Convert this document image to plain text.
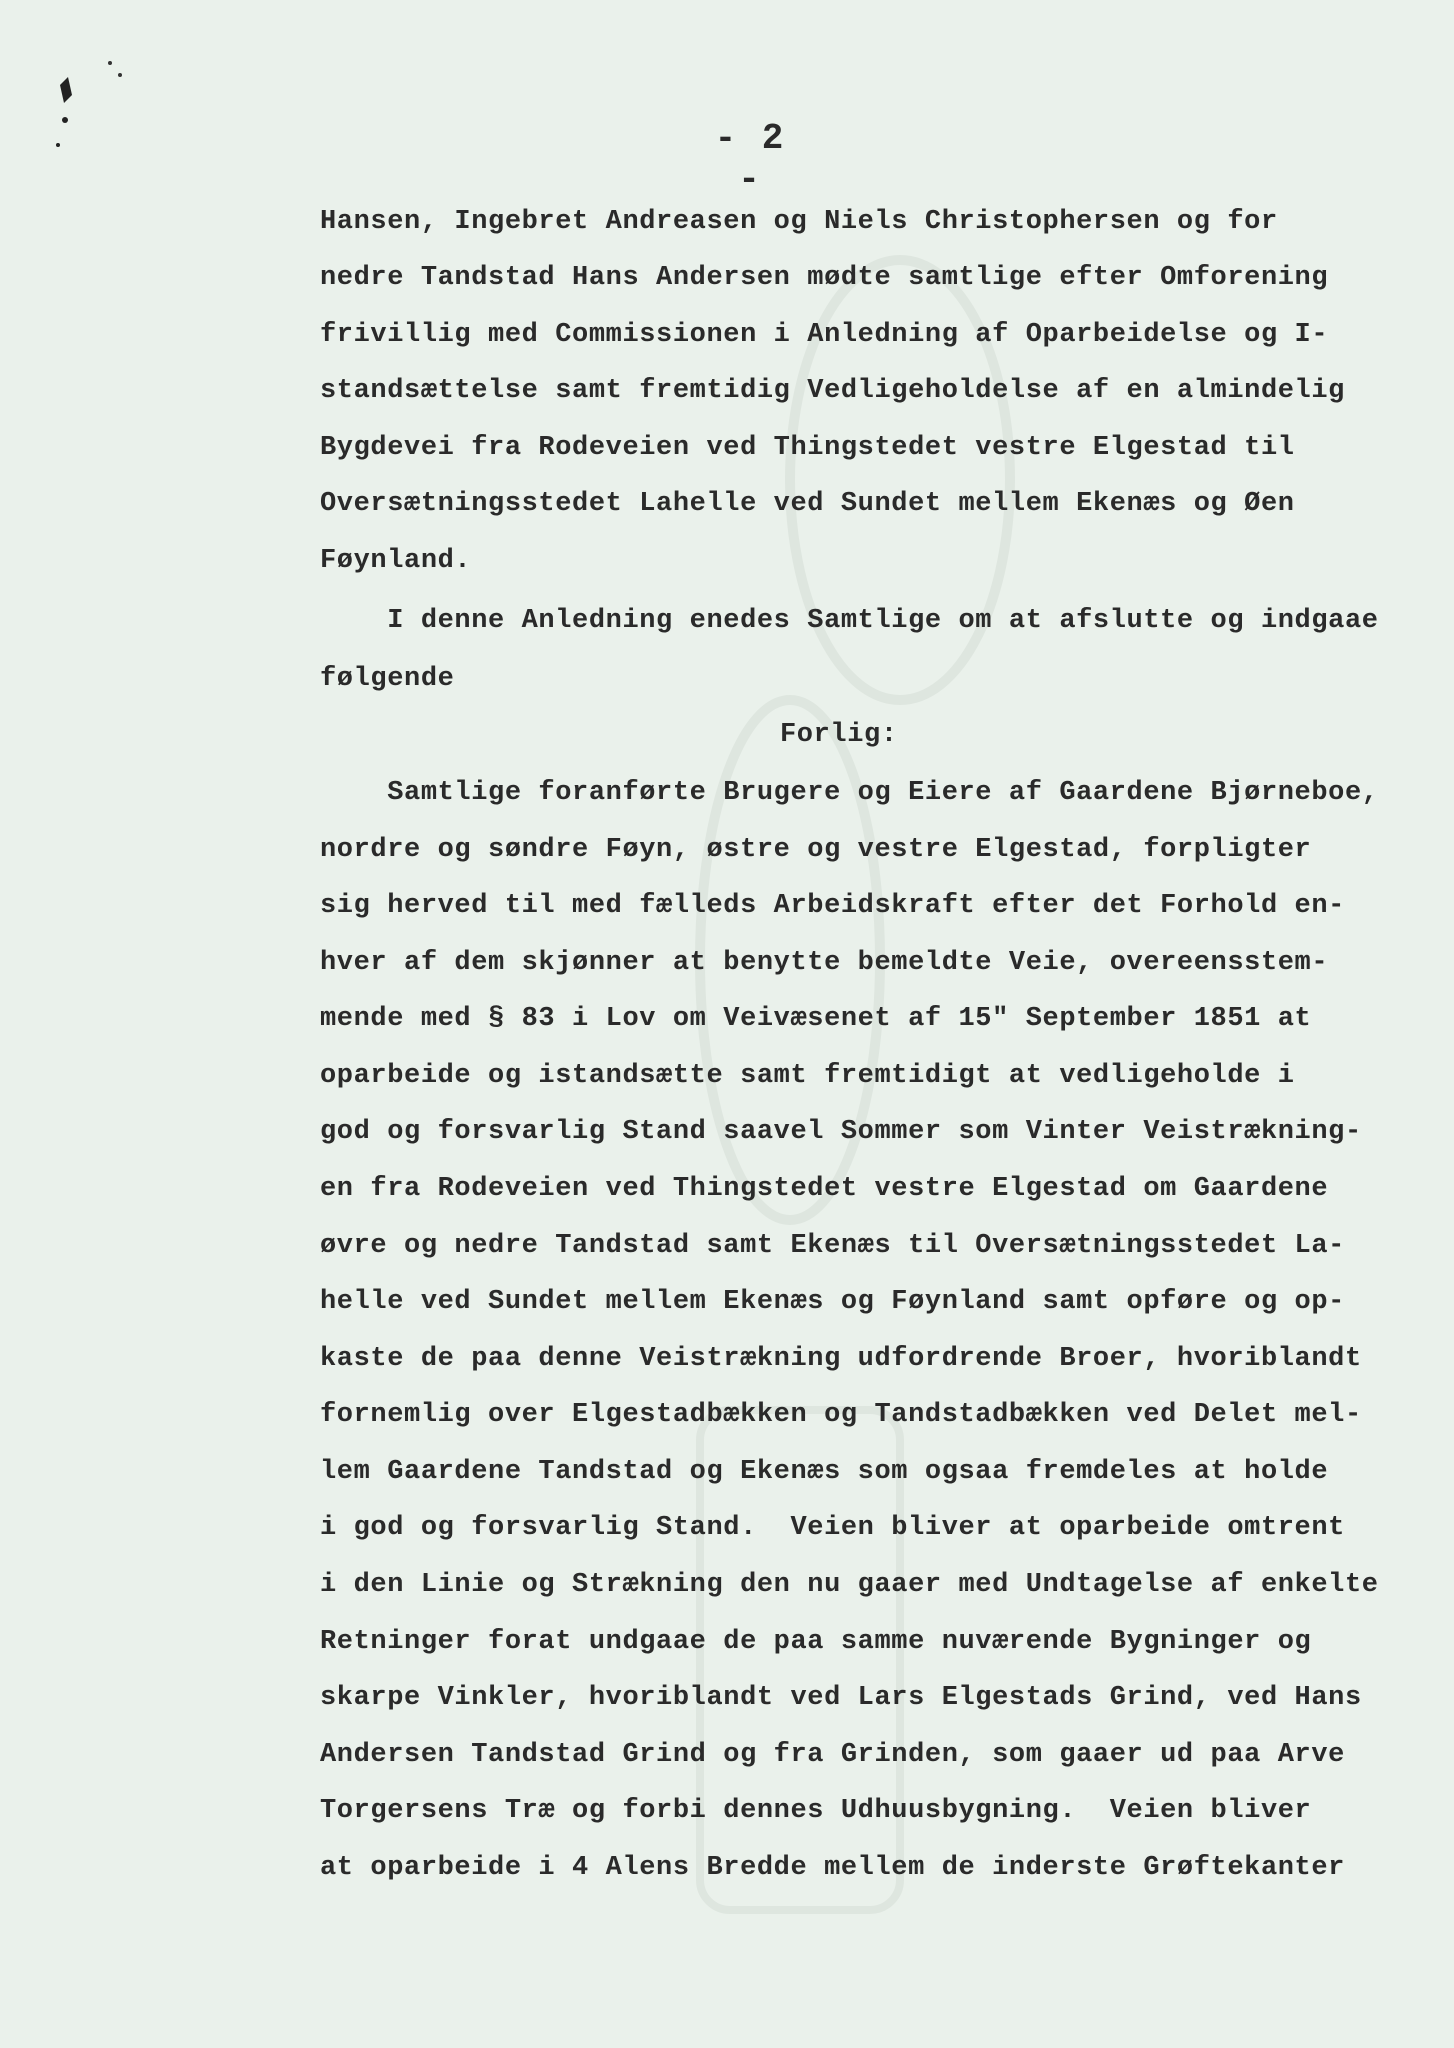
- 2 -
Hansen, Ingebret Andreasen og Niels Christophersen og for
nedre Tandstad Hans Andersen mødte samtlige efter Omforening
frivillig med Commissionen i Anledning af Oparbeidelse og I-
standsættelse samt fremtidig Vedligeholdelse af en almindelig
Bygdevei fra Rodeveien ved Thingstedet vestre Elgestad til
Oversætningsstedet Lahelle ved Sundet mellem Ekenæs og Øen
Føynland.
I denne Anledning enedes Samtlige om at afslutte og indgaae
følgende
Forlig:
Samtlige foranførte Brugere og Eiere af Gaardene Bjørneboe,
nordre og søndre Føyn, østre og vestre Elgestad, forpligter
sig herved til med fælleds Arbeidskraft efter det Forhold en-
hver af dem skjønner at benytte bemeldte Veie, overeensstem-
mende med § 83 i Lov om Veivæsenet af 15" September 1851 at
oparbeide og istandsætte samt fremtidigt at vedligeholde i
god og forsvarlig Stand saavel Sommer som Vinter Veistrækning-
en fra Rodeveien ved Thingstedet vestre Elgestad om Gaardene
øvre og nedre Tandstad samt Ekenæs til Oversætningsstedet La-
helle ved Sundet mellem Ekenæs og Føynland samt opføre og op-
kaste de paa denne Veistrækning udfordrende Broer, hvoriblandt
fornemlig over Elgestadbækken og Tandstadbækken ved Delet mel-
lem Gaardene Tandstad og Ekenæs som ogsaa fremdeles at holde
i god og forsvarlig Stand.  Veien bliver at oparbeide omtrent
i den Linie og Strækning den nu gaaer med Undtagelse af enkelte
Retninger forat undgaae de paa samme nuværende Bygninger og
skarpe Vinkler, hvoriblandt ved Lars Elgestads Grind, ved Hans
Andersen Tandstad Grind og fra Grinden, som gaaer ud paa Arve
Torgersens Træ og forbi dennes Udhuusbygning.  Veien bliver
at oparbeide i 4 Alens Bredde mellem de inderste Grøftekanter
